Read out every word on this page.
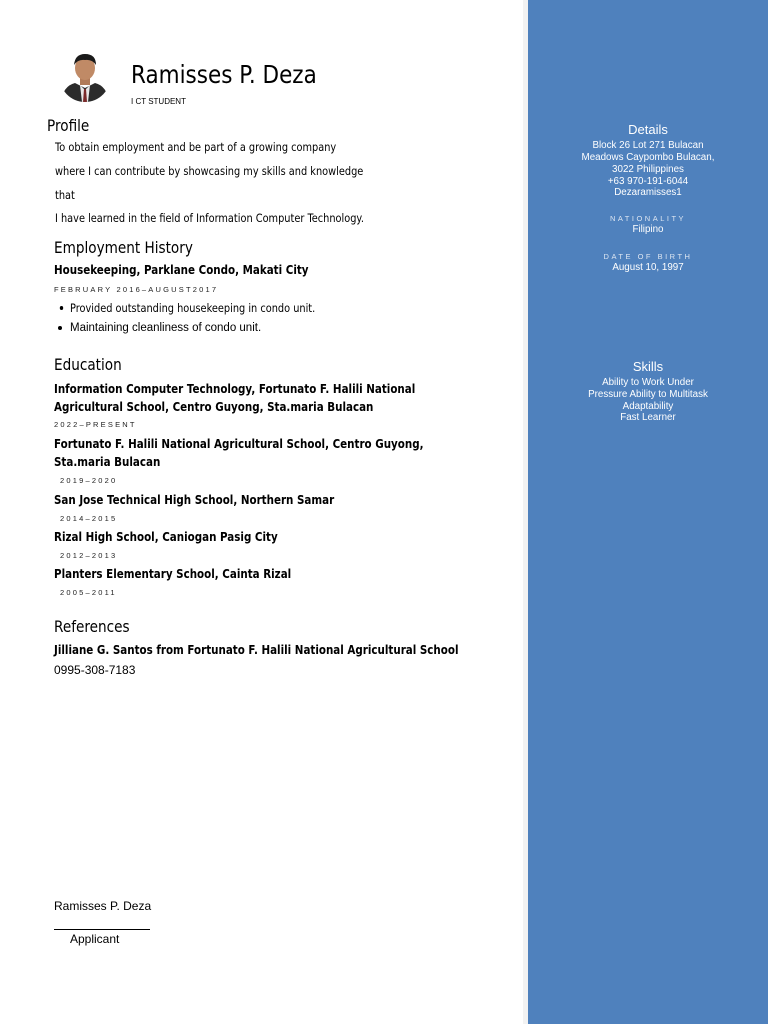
Ramisses P. Deza
I CT STUDENT
Profile
To obtain employment and be part of a growing company
where I can contribute by showcasing my skills and knowledge
that
I have learned in the field of Information Computer Technology.
Employment History
Housekeeping, Parklane Condo, Makati City
FEBRUARY 2016–AUGUST2017
Provided outstanding housekeeping in condo unit.
Maintaining cleanliness of condo unit.
Education
Information Computer Technology, Fortunato F. Halili National
Agricultural School, Centro Guyong, Sta.maria Bulacan
2022–PRESENT
Fortunato F. Halili National Agricultural School, Centro Guyong,
Sta.maria Bulacan
2019–2020
San Jose Technical High School, Northern Samar
2014–2015
Rizal High School, Caniogan Pasig City
2012–2013
Planters Elementary School, Cainta Rizal
2005–2011
References
Jilliane G. Santos from Fortunato F. Halili National Agricultural School
0995-308-7183
Ramisses P. Deza
Applicant
Details
Block 26 Lot 271 Bulacan
Meadows Caypombo Bulacan,
3022 Philippines
+63 970-191-6044
Dezaramisses1
NATIONALITY
Filipino
DATE OF BIRTH
August 10, 1997
Skills
Ability to Work Under
Pressure Ability to Multitask
Adaptability
Fast Learner
